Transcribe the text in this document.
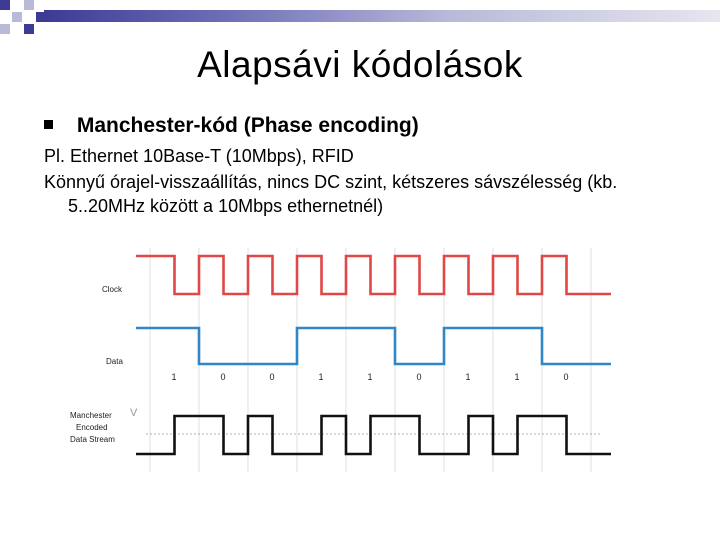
Alapsávi kódolások
Manchester-kód (Phase encoding)
Pl. Ethernet 10Base-T (10Mbps), RFID
Könnyű órajel-visszaállítás, nincs DC szint, kétszeres sávszélesség (kb.
5..20MHz között a 10Mbps ethernetnél)
Clock
Data
Manchester
Encoded
Data Stream
V
1	0	0	1	1	0	1	1	0
